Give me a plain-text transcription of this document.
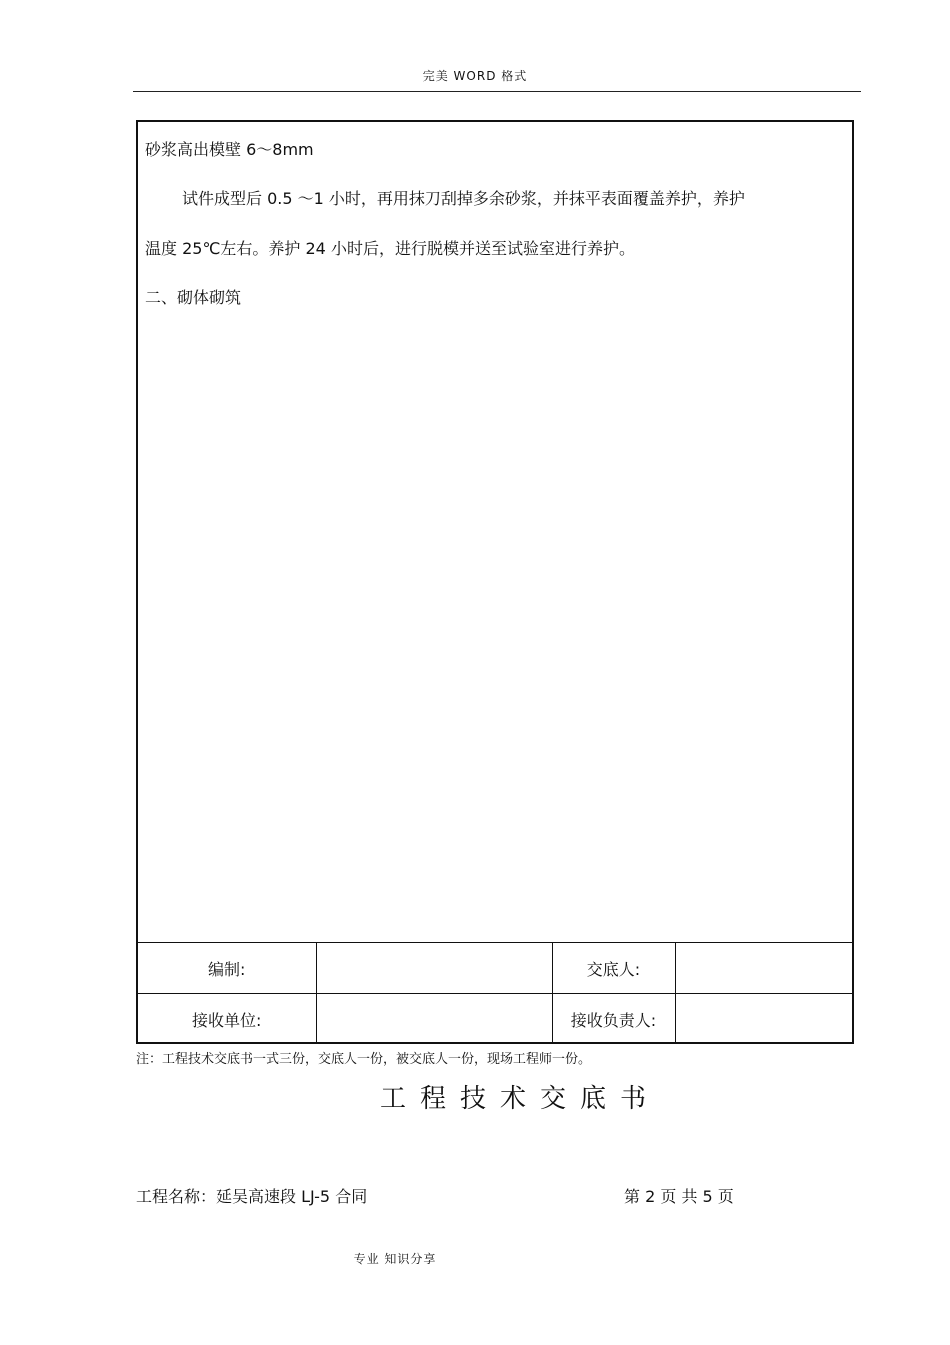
完美 WORD 格式
砂浆高出模壁 6～8mm
试件成型后 0.5 ～1 小时，再用抹刀刮掉多余砂浆，并抹平表面覆盖养护，养护
温度 25℃左右。养护 24 小时后，进行脱模并送至试验室进行养护。
二、砌体砌筑
编制:		交底人:	
接收单位:		接收负责人:	
注：工程技术交底书一式三份，交底人一份，被交底人一份，现场工程师一份。
工程技术交底书
工程名称：延吴高速段 LJ-5 合同	第 2 页 共 5 页
专业 知识分享
